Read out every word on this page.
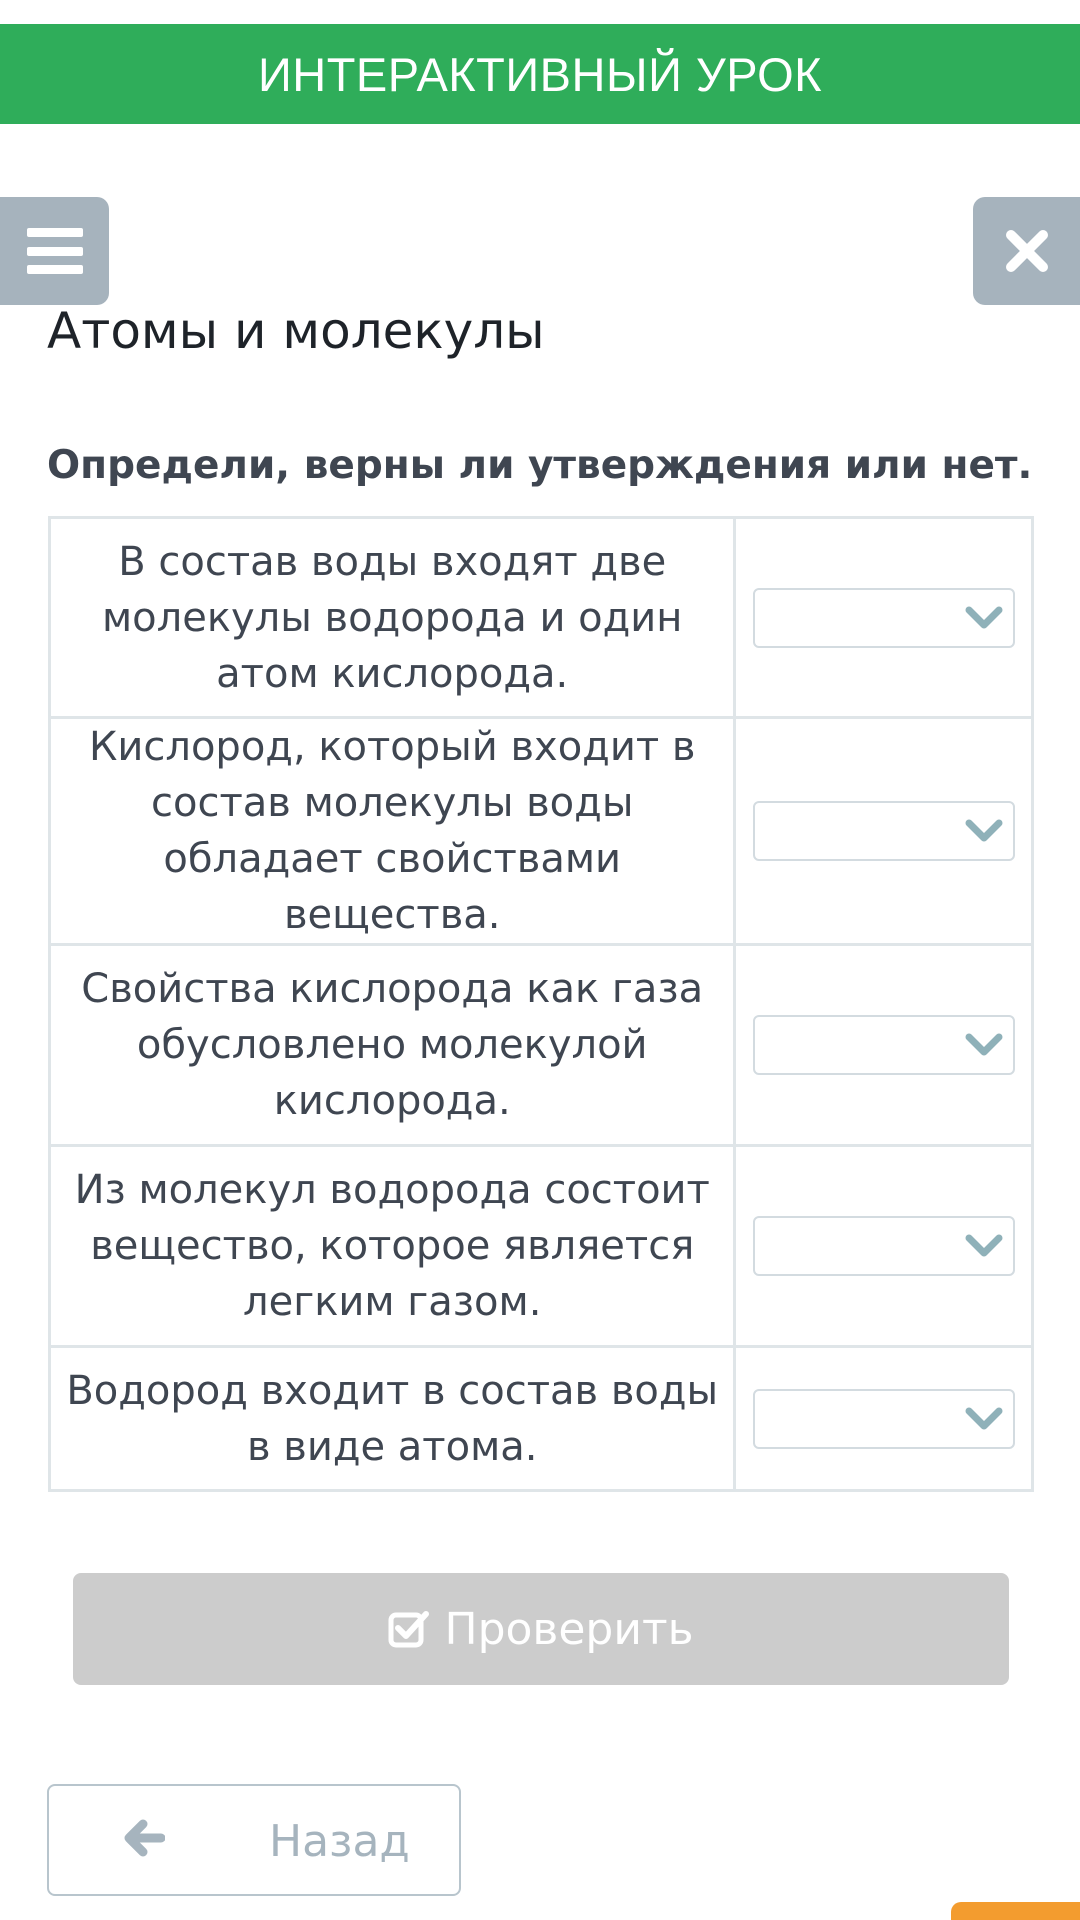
ИНТЕРАКТИВНЫЙ УРОК
Атомы и молекулы
Определи, верны ли утверждения или нет.
В состав воды входят две молекулы водорода и один атом кислорода.	

Кислород, который входит в состав молекулы воды обладает свойствами вещества.	

Свойства кислорода как газа обусловлено молекулой кислорода.	

Из молекул водорода состоит вещество, которое является легким газом.	

Водород входит в состав воды в виде атома.	
Проверить
Назад
